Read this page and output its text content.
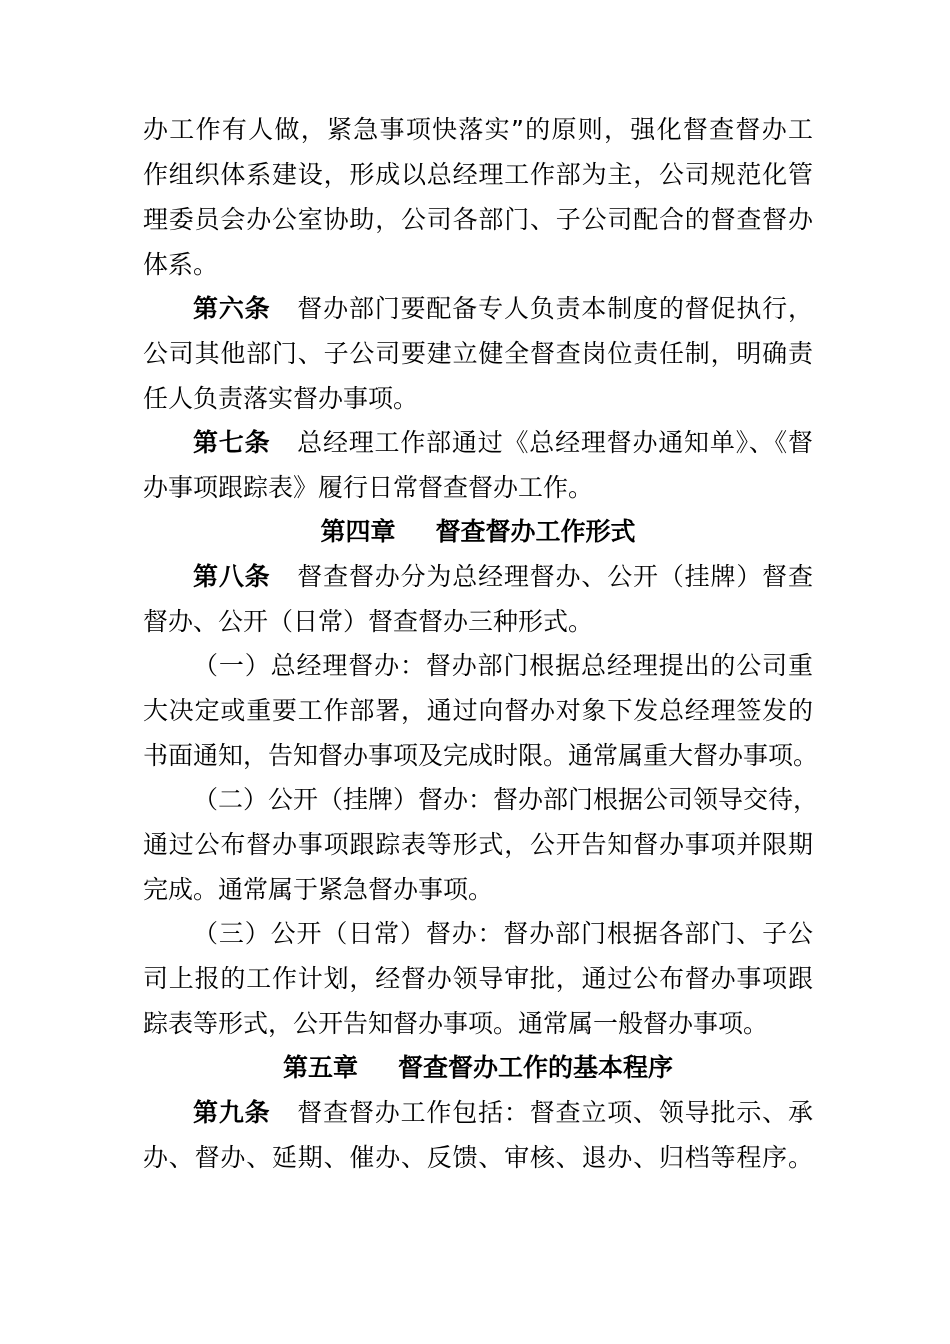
办工作有人做，紧急事项快落实”的原则，强化督查督办工
作组织体系建设，形成以总经理工作部为主，公司规范化管
理委员会办公室协助，公司各部门、子公司配合的督查督办
体系。
第六条 督办部门要配备专人负责本制度的督促执行，
公司其他部门、子公司要建立健全督查岗位责任制，明确责
任人负责落实督办事项。
第七条 总经理工作部通过《总经理督办通知单》、《督
办事项跟踪表》履行日常督查督办工作。
第四章 督查督办工作形式
第八条 督查督办分为总经理督办、公开（挂牌）督查
督办、公开（日常）督查督办三种形式。
（一）总经理督办：督办部门根据总经理提出的公司重
大决定或重要工作部署，通过向督办对象下发总经理签发的
书面通知，告知督办事项及完成时限。通常属重大督办事项。
（二）公开（挂牌）督办：督办部门根据公司领导交待，
通过公布督办事项跟踪表等形式，公开告知督办事项并限期
完成。通常属于紧急督办事项。
（三）公开（日常）督办：督办部门根据各部门、子公
司上报的工作计划，经督办领导审批，通过公布督办事项跟
踪表等形式，公开告知督办事项。通常属一般督办事项。
第五章 督查督办工作的基本程序
第九条 督查督办工作包括：督查立项、领导批示、承
办、督办、延期、催办、反馈、审核、退办、归档等程序。
